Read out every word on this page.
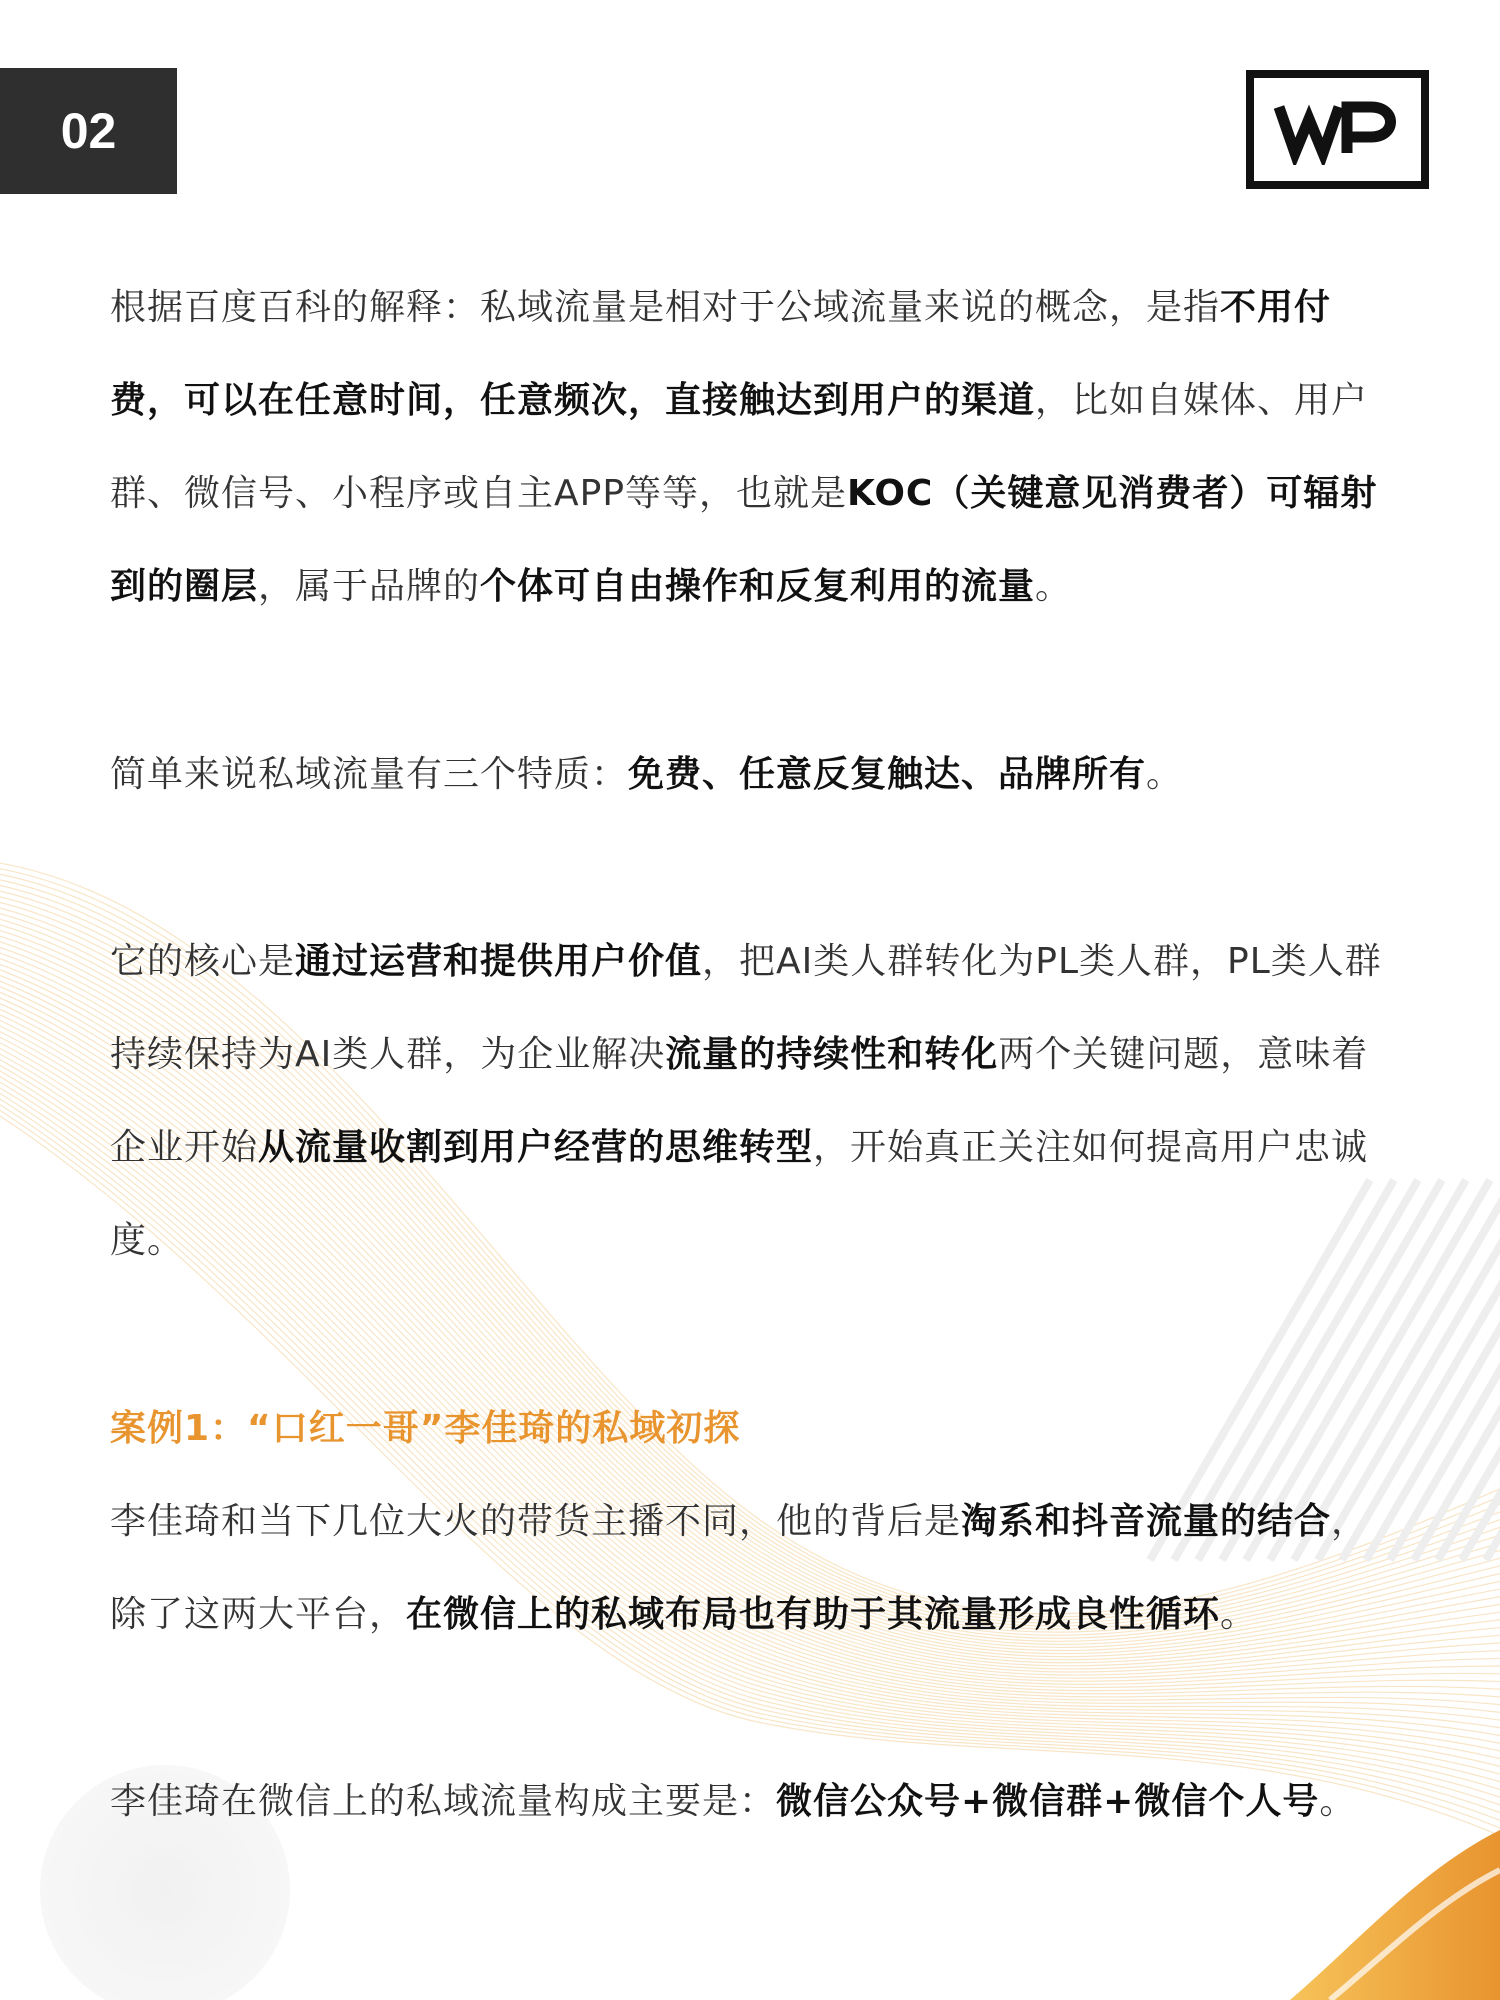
02
根据百度百科的解释：私域流量是相对于公域流量来说的概念，是指不用付费，可以在任意时间，任意频次，直接触达到用户的渠道，比如自媒体、用户群、微信号、小程序或自主APP等等，也就是KOC（关键意见消费者）可辐射到的圈层，属于品牌的个体可自由操作和反复利用的流量。
简单来说私域流量有三个特质：免费、任意反复触达、品牌所有。
它的核心是通过运营和提供用户价值，把AI类人群转化为PL类人群，PL类人群持续保持为AI类人群，为企业解决流量的持续性和转化两个关键问题，意味着企业开始从流量收割到用户经营的思维转型，开始真正关注如何提高用户忠诚度。
案例1：“口红一哥”李佳琦的私域初探
李佳琦和当下几位大火的带货主播不同，他的背后是淘系和抖音流量的结合，除了这两大平台，在微信上的私域布局也有助于其流量形成良性循环。
李佳琦在微信上的私域流量构成主要是：微信公众号+微信群+微信个人号。
